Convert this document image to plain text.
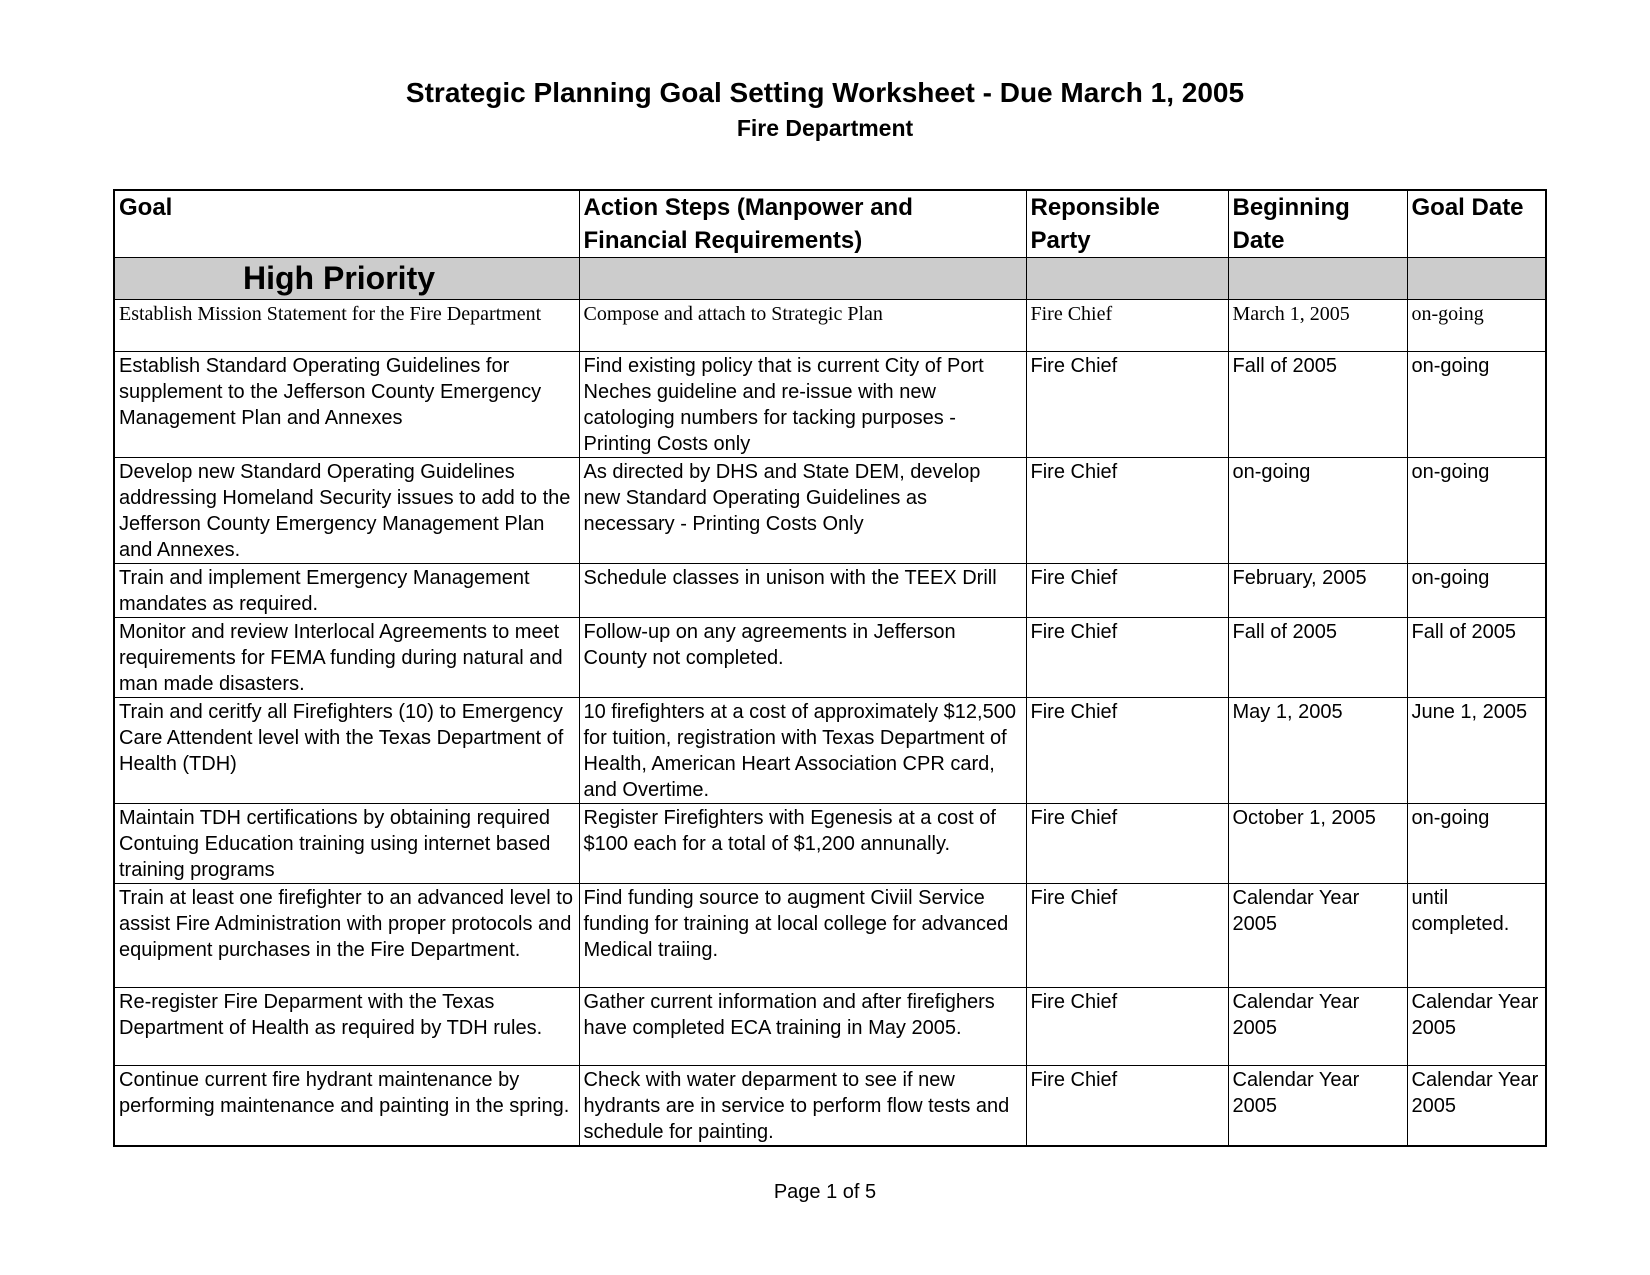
Strategic Planning Goal Setting Worksheet - Due March 1, 2005
Fire Department
Goal	Action Steps (Manpower and Financial Requirements)	Reponsible Party	Beginning Date	Goal Date

High Priority				

Establish Mission Statement for the Fire Department	Compose and attach to Strategic Plan	Fire Chief	March 1, 2005	on-going
Establish Standard Operating Guidelines for supplement to the Jefferson County Emergency Management Plan and Annexes	Find existing policy that is current City of Port Neches guideline and re-issue with new catologing numbers for tacking purposes - Printing Costs only	Fire Chief	Fall of 2005	on-going
Develop new Standard Operating Guidelines addressing Homeland Security issues to add to the Jefferson County Emergency Management Plan and Annexes.	As directed by DHS and State DEM, develop new Standard Operating Guidelines as necessary - Printing Costs Only	Fire Chief	on-going	on-going
Train and implement Emergency Management mandates as required.	Schedule classes in unison with the TEEX Drill	Fire Chief	February, 2005	on-going
Monitor and review Interlocal Agreements to meet requirements for FEMA funding during natural and man made disasters.	Follow-up on any agreements in Jefferson County not completed.	Fire Chief	Fall of 2005	Fall of 2005
Train and ceritfy all Firefighters (10) to Emergency Care Attendent level with the Texas Department of Health (TDH)	10 firefighters at a cost of approximately $12,500 for tuition, registration with Texas Department of Health, American Heart Association CPR card, and Overtime.	Fire Chief	May 1, 2005	June 1, 2005
Maintain TDH certifications by obtaining required Contuing Education training using internet based training programs	Register Firefighters with Egenesis at a cost of $100 each for a total of $1,200 annunally.	Fire Chief	October 1, 2005	on-going
Train at least one firefighter to an advanced level to assist Fire Administration with proper protocols and equipment purchases in the Fire Department.	Find funding source to augment Civiil Service funding for training at local college for advanced Medical traiing.	Fire Chief	Calendar Year 2005	until completed.
Re-register Fire Deparment with the Texas Department of Health as required by TDH rules.	Gather current information and after firefighers have completed ECA training in May 2005.	Fire Chief	Calendar Year 2005	Calendar Year 2005
Continue current fire hydrant maintenance by performing maintenance and painting in the spring.	Check with water deparment to see if new hydrants are in service to perform flow tests and schedule for painting.	Fire Chief	Calendar Year 2005	Calendar Year 2005
Page 1 of 5
